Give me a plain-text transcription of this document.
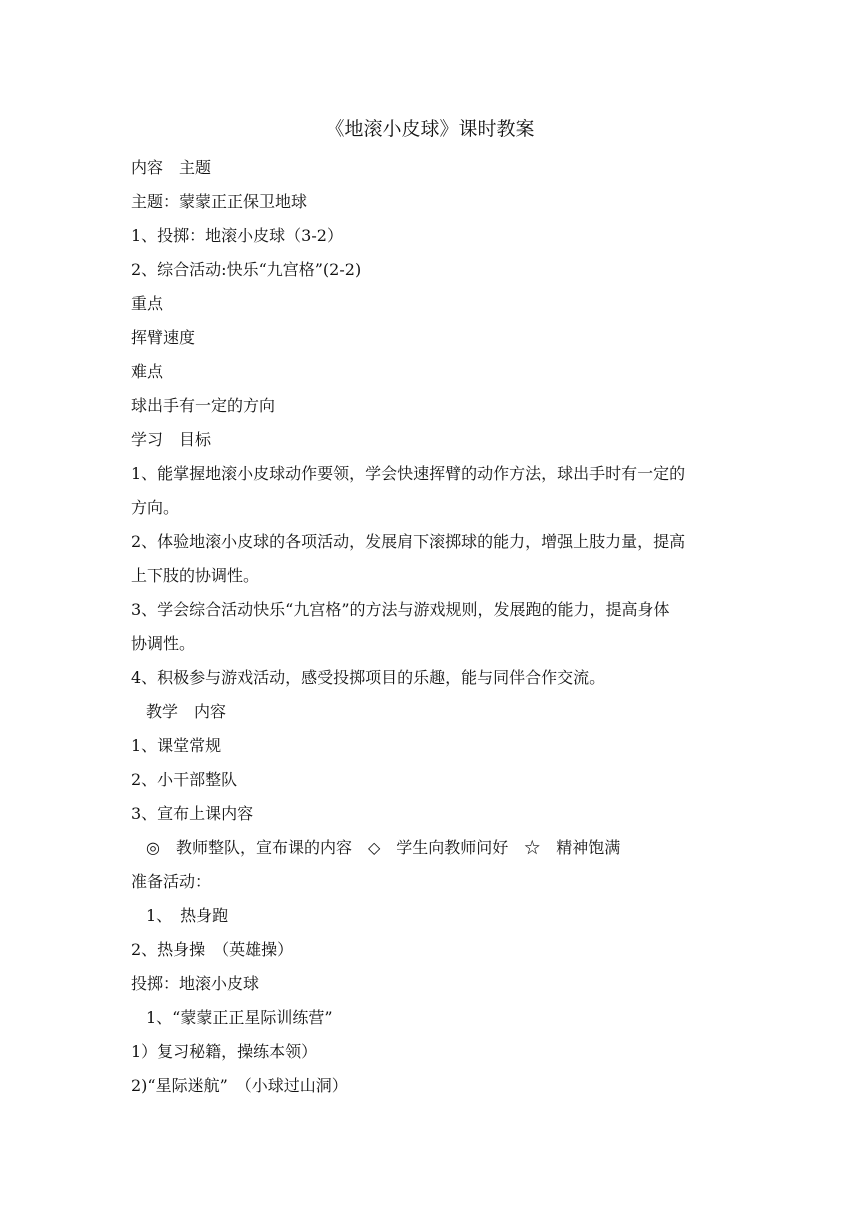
《地滚小皮球》课时教案
内容　主题
主题：蒙蒙正正保卫地球
1、投掷：地滚小皮球（3-2）
2、综合活动:快乐“九宫格”(2-2)
重点
挥臂速度
难点
球出手有一定的方向
学习　目标
1、能掌握地滚小皮球动作要领，学会快速挥臂的动作方法，球出手时有一定的
方向。
2、体验地滚小皮球的各项活动，发展肩下滚掷球的能力，增强上肢力量，提高
上下肢的协调性。
3、学会综合活动快乐“九宫格”的方法与游戏规则，发展跑的能力，提高身体
协调性。
4、积极参与游戏活动，感受投掷项目的乐趣，能与同伴合作交流。
教学　内容
1、课堂常规
2、小干部整队
3、宣布上课内容
◎　教师整队，宣布课的内容　◇　学生向教师问好　☆　精神饱满
准备活动：
1、　热身跑
2、热身操　（英雄操）
投掷：地滚小皮球
1、“蒙蒙正正星际训练营”
1）复习秘籍，操练本领）
2)“星际迷航”　（小球过山洞）
